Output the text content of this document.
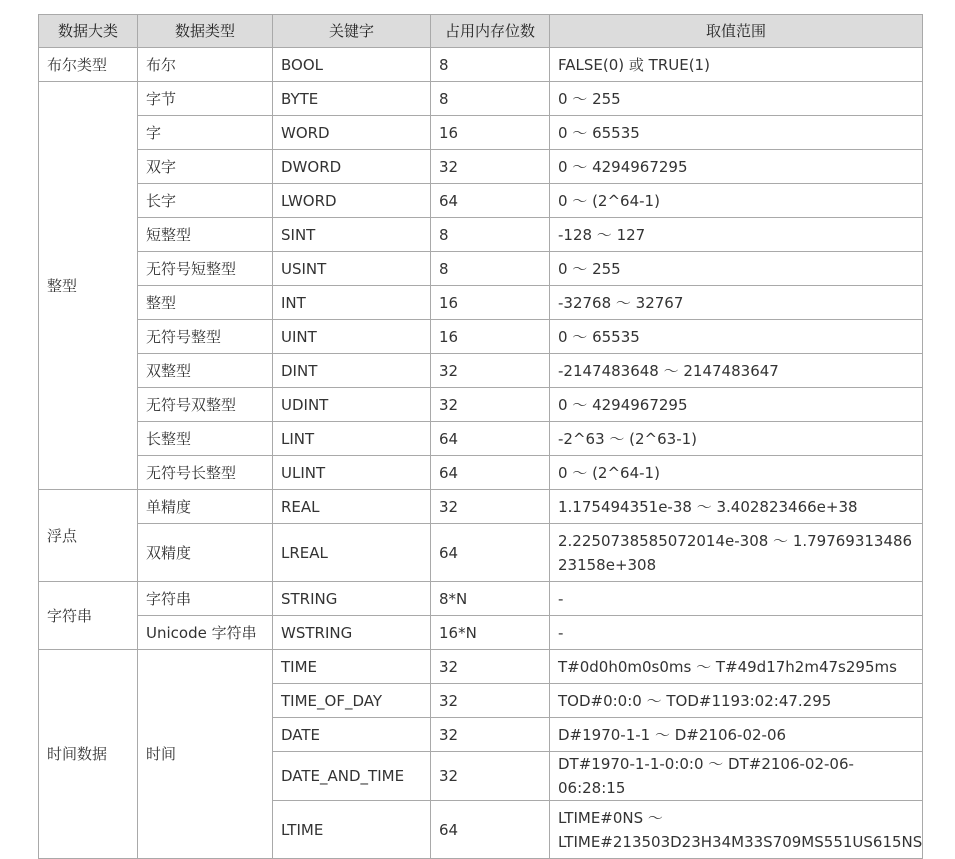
数据大类	数据类型	关键字	占用内存位数	取值范围
布尔类型	布尔	BOOL	8	FALSE(0) 或 TRUE(1)
整型	字节	BYTE	8	0 ～ 255
	字	WORD	16	0 ～ 65535
	双字	DWORD	32	0 ～ 4294967295
	长字	LWORD	64	0 ～ (2^64-1)
	短整型	SINT	8	-128 ～ 127
	无符号短整型	USINT	8	0 ～ 255
	整型	INT	16	-32768 ～ 32767
	无符号整型	UINT	16	0 ～ 65535
	双整型	DINT	32	-2147483648 ～ 2147483647
	无符号双整型	UDINT	32	0 ～ 4294967295
	长整型	LINT	64	-2^63 ～ (2^63-1)
	无符号长整型	ULINT	64	0 ～ (2^64-1)
浮点	单精度	REAL	32	1.175494351e-38 ～ 3.402823466e+38
	双精度	LREAL	64	2.2250738585072014e-308 ～ 1.7976931348623158e+308
字符串	字符串	STRING	8*N	-
	Unicode 字符串	WSTRING	16*N	-
时间数据	时间	TIME	32	T#0d0h0m0s0ms ～ T#49d17h2m47s295ms
		TIME_OF_DAY	32	TOD#0:0:0 ～ TOD#1193:02:47.295
		DATE	32	D#1970-1-1 ～ D#2106-02-06
		DATE_AND_TIME	32	DT#1970-1-1-0:0:0 ～ DT#2106-02-06-06:28:15
		LTIME	64	LTIME#0NS ～
LTIME#213503D23H34M33S709MS551US615NS
